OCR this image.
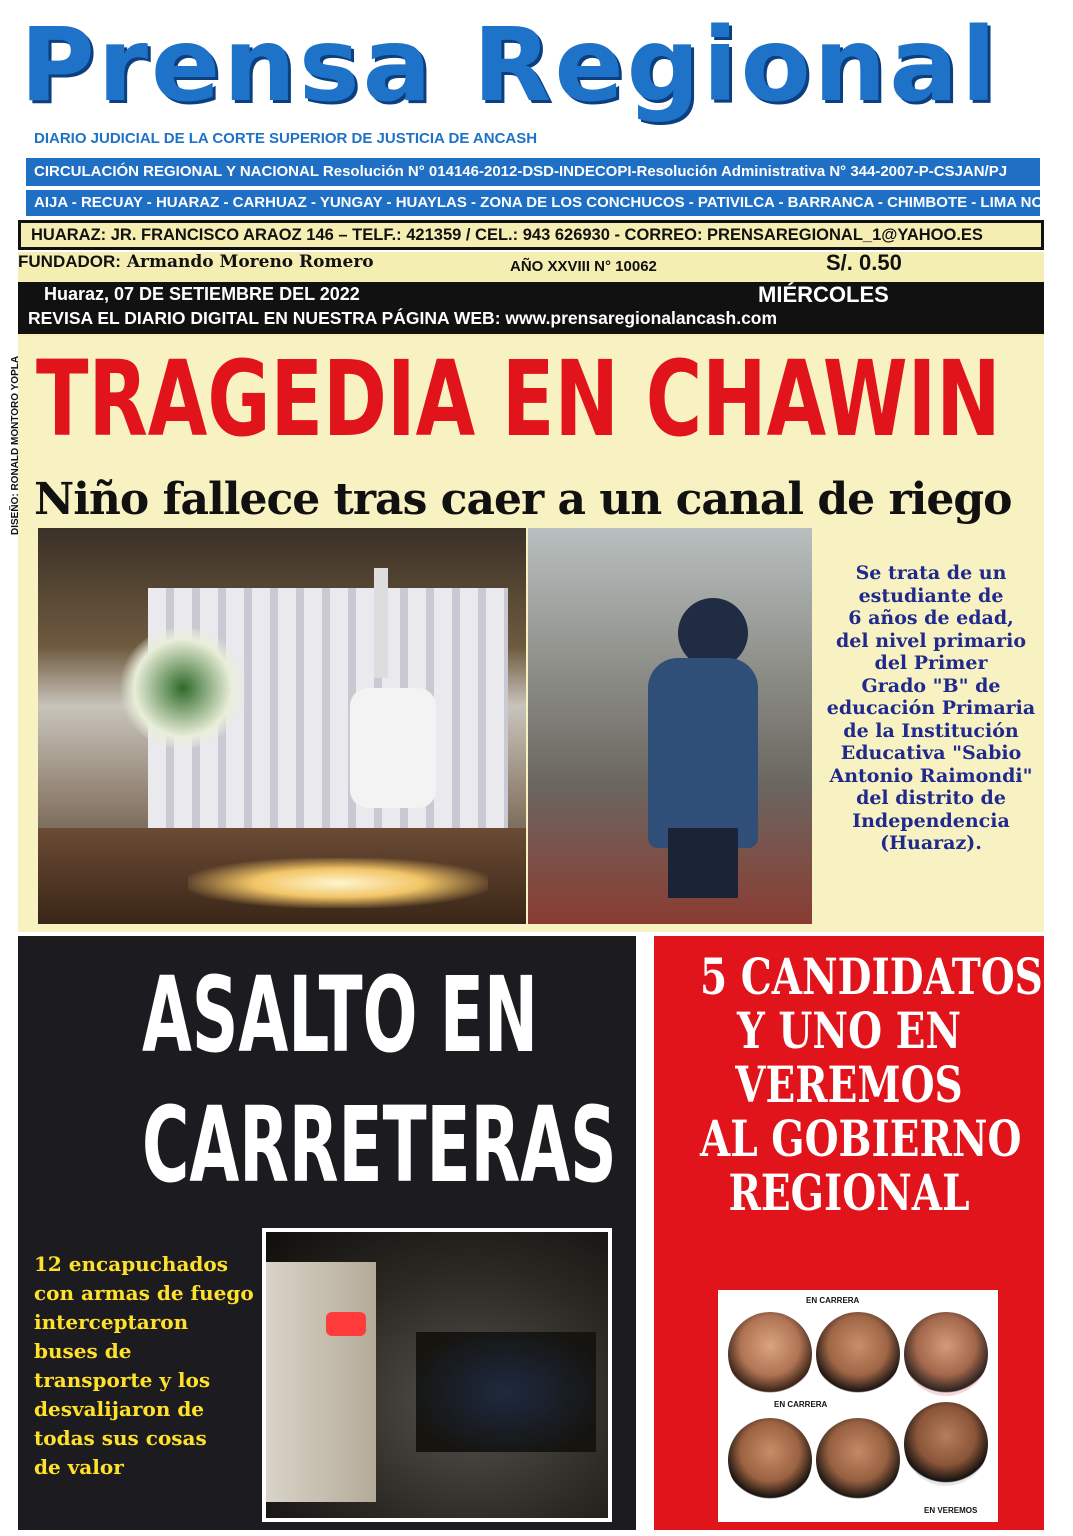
Prensa Regional
DIARIO JUDICIAL DE LA CORTE SUPERIOR DE JUSTICIA DE ANCASH
CIRCULACIÓN REGIONAL Y NACIONAL Resolución N° 014146-2012-DSD-INDECOPI-Resolución Administrativa N° 344-2007-P-CSJAN/PJ
AIJA - RECUAY - HUARAZ - CARHUAZ - YUNGAY - HUAYLAS - ZONA DE LOS CONCHUCOS - PATIVILCA - BARRANCA - CHIMBOTE - LIMA NORTE
HUARAZ: JR. FRANCISCO ARAOZ 146 – TELF.: 421359 / CEL.: 943 626930 - CORREO: PRENSAREGIONAL_1@YAHOO.ES
FUNDADOR: Armando Moreno Romero	AÑO XXVIII N° 10062	S/. 0.50
Huaraz, 07 DE SETIEMBRE DEL 2022	MIÉRCOLES
REVISA EL DIARIO DIGITAL EN NUESTRA PÁGINA WEB: www.prensaregionalancash.com
DISEÑO: RONALD MONTORO YOPLA TRAGEDIA EN CHAWIN
Niño fallece tras caer a un canal de riego
Se trata de un
estudiante de
6 años de edad,
del nivel primario
del Primer
Grado "B" de
educación Primaria
de la Institución
Educativa "Sabio
Antonio Raimondi"
del distrito de
Independencia
(Huaraz).
ASALTO EN
CARRETERAS
12 encapuchados
con armas de fuego
interceptaron
buses de
transporte y los
desvalijaron de
todas sus cosas
de valor
5 CANDIDATOS
Y UNO EN
VEREMOS
AL GOBIERNO
REGIONAL
EN CARRERA
EN CARRERA
EN VEREMOS
